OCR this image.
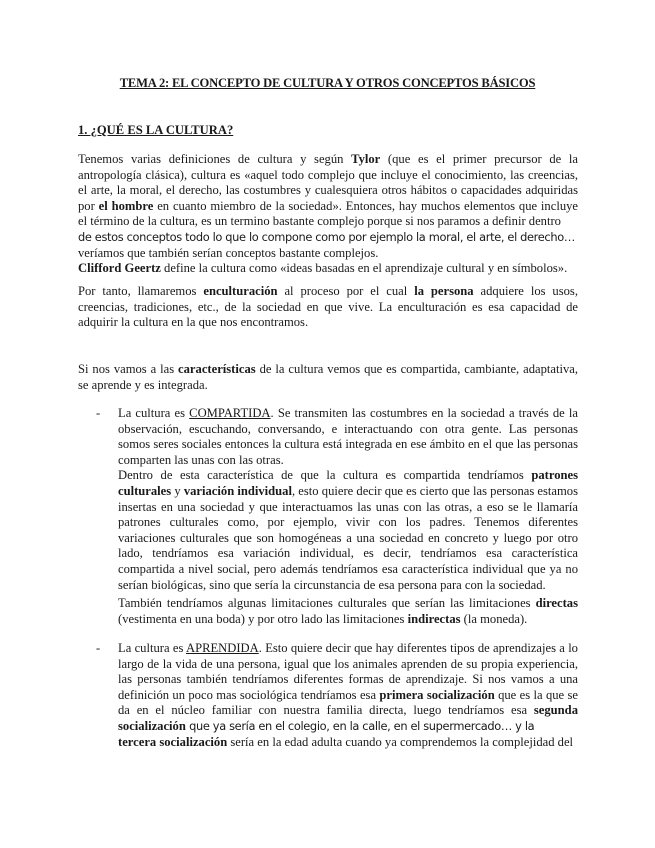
TEMA 2: EL CONCEPTO DE CULTURA Y OTROS CONCEPTOS BÁSICOS
1. ¿QUÉ ES LA CULTURA?

Tenemos varias definiciones de cultura y según Tylor (que es el primer precursor de la antropología clásica), cultura es «aquel todo complejo que incluye el conocimiento, las creencias, el arte, la moral, el derecho, las costumbres y cualesquiera otros hábitos o capacidades adquiridas por el hombre en cuanto miembro de la sociedad». Entonces, hay muchos elementos que incluye el término de la cultura, es un termino bastante complejo porque si nos paramos a definir dentro

de estos conceptos todo lo que lo compone como por ejemplo la moral, el arte, el derecho…

veríamos que también serían conceptos bastante complejos.

Clifford Geertz define la cultura como «ideas basadas en el aprendizaje cultural y en símbolos».

Por tanto, llamaremos enculturación al proceso por el cual la persona adquiere los usos, creencias, tradiciones, etc., de la sociedad en que vive. La enculturación es esa capacidad de adquirir la cultura en la que nos encontramos.

Si nos vamos a las características de la cultura vemos que es compartida, cambiante, adaptativa, se aprende y es integrada.

-	La cultura es COMPARTIDA. Se transmiten las costumbres en la sociedad a través de la observación, escuchando, conversando, e interactuando con otra gente. Las personas somos seres sociales entonces la cultura está integrada en ese ámbito en el que las personas comparten las unas con las otras.

Dentro de esta característica de que la cultura es compartida tendríamos patrones culturales y variación individual, esto quiere decir que es cierto que las personas estamos insertas en una sociedad y que interactuamos las unas con las otras, a eso se le llamaría patrones culturales como, por ejemplo, vivir con los padres. Tenemos diferentes variaciones culturales que son homogéneas a una sociedad en concreto y luego por otro lado, tendríamos esa variación individual, es decir, tendríamos esa característica compartida a nivel social, pero además tendríamos esa característica individual que ya no serían biológicas, sino que sería la circunstancia de esa persona para con la sociedad.

También tendríamos algunas limitaciones culturales que serían las limitaciones directas (vestimenta en una boda) y por otro lado las limitaciones indirectas (la moneda).

-	La cultura es APRENDIDA. Esto quiere decir que hay diferentes tipos de aprendizajes a lo largo de la vida de una persona, igual que los animales aprenden de su propia experiencia, las personas también tendríamos diferentes formas de aprendizaje. Si nos vamos a una definición un poco mas sociológica tendríamos esa primera socialización que es la que se da en el núcleo familiar con nuestra familia directa, luego tendríamos esa segunda socialización que ya sería en el colegio, en la calle, en el supermercado… y la

tercera socialización sería en la edad adulta cuando ya comprendemos la complejidad del
